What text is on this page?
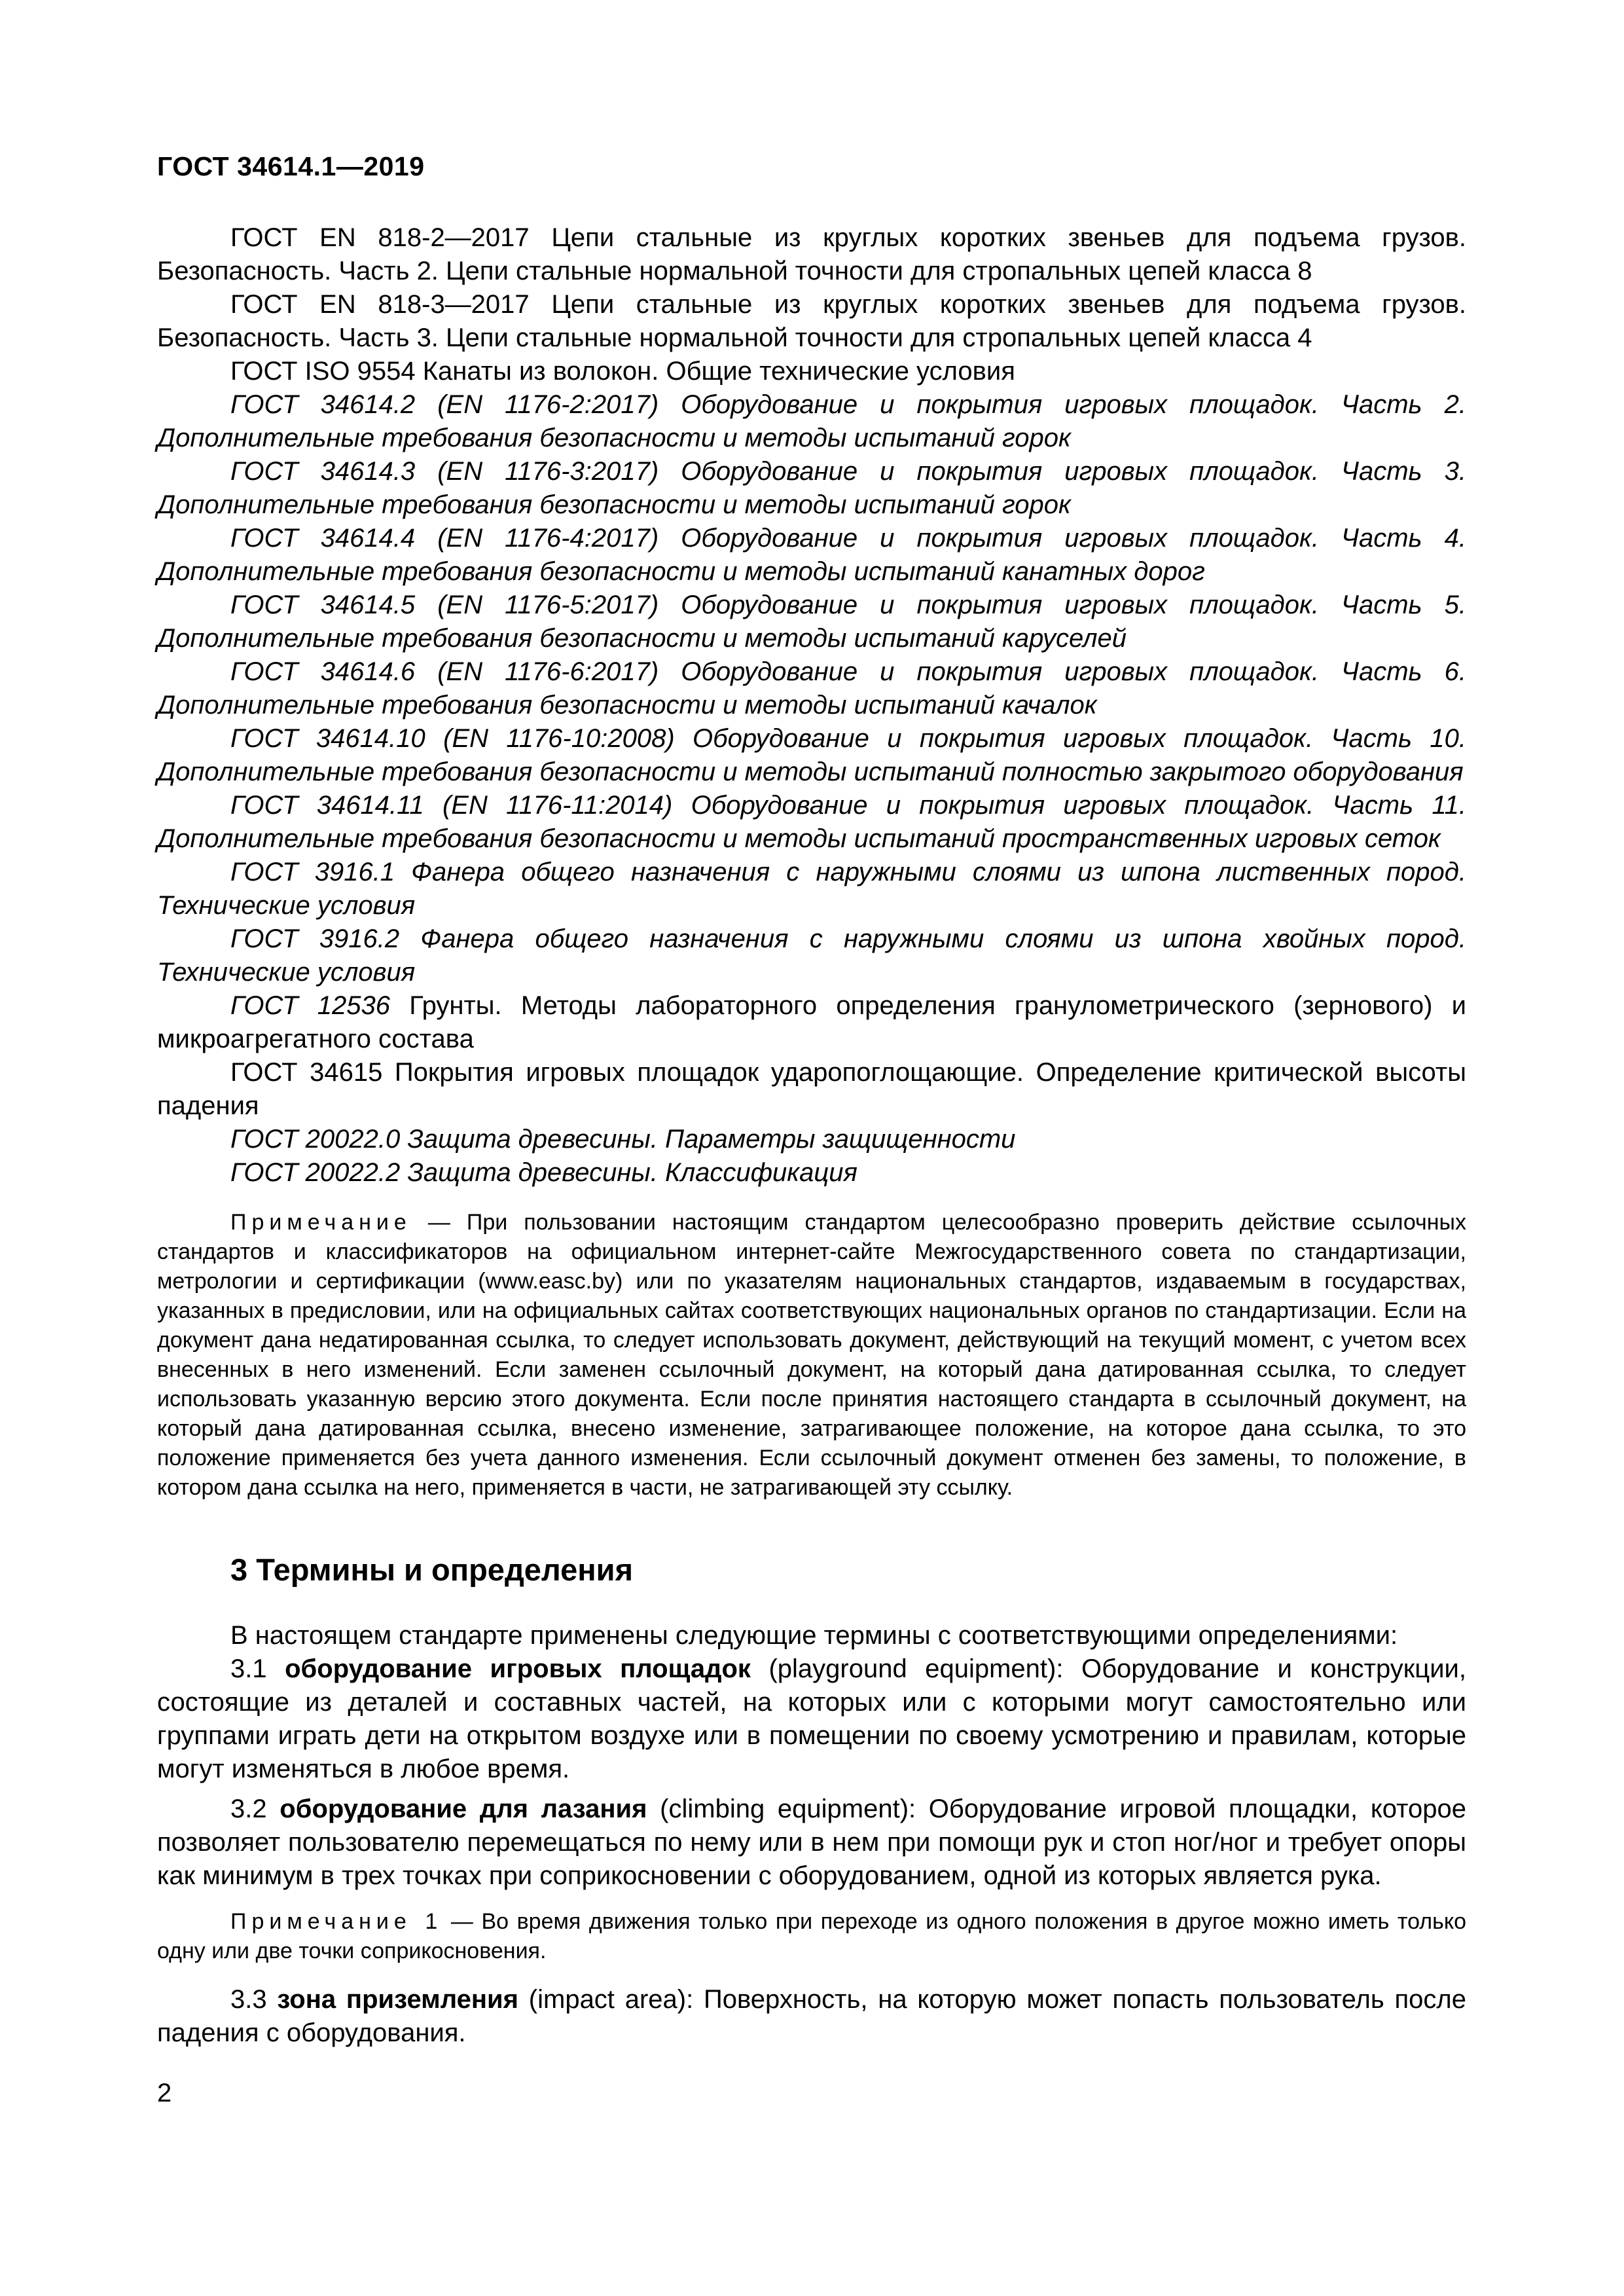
ГОСТ 34614.1—2019

ГОСТ EN 818-2—2017 Цепи стальные из круглых коротких звеньев для подъема грузов. Безопасность. Часть 2. Цепи стальные нормальной точности для стропальных цепей класса 8

ГОСТ EN 818-3—2017 Цепи стальные из круглых коротких звеньев для подъема грузов. Безопасность. Часть 3. Цепи стальные нормальной точности для стропальных цепей класса 4

ГОСТ ISO 9554 Канаты из волокон. Общие технические условия

ГОСТ 34614.2 (EN 1176-2:2017) Оборудование и покрытия игровых площадок. Часть 2. Дополнительные требования безопасности и методы испытаний горок

ГОСТ 34614.3 (EN 1176-3:2017) Оборудование и покрытия игровых площадок. Часть 3. Дополнительные требования безопасности и методы испытаний горок

ГОСТ 34614.4 (EN 1176-4:2017) Оборудование и покрытия игровых площадок. Часть 4. Дополнительные требования безопасности и методы испытаний канатных дорог

ГОСТ 34614.5 (EN 1176-5:2017) Оборудование и покрытия игровых площадок. Часть 5. Дополнительные требования безопасности и методы испытаний каруселей

ГОСТ 34614.6 (EN 1176-6:2017) Оборудование и покрытия игровых площадок. Часть 6. Дополнительные требования безопасности и методы испытаний качалок

ГОСТ 34614.10 (EN 1176-10:2008) Оборудование и покрытия игровых площадок. Часть 10. Дополнительные требования безопасности и методы испытаний полностью закрытого оборудования

ГОСТ 34614.11 (EN 1176-11:2014) Оборудование и покрытия игровых площадок. Часть 11. Дополнительные требования безопасности и методы испытаний пространственных игровых сеток

ГОСТ 3916.1 Фанера общего назначения с наружными слоями из шпона лиственных пород. Технические условия

ГОСТ 3916.2 Фанера общего назначения с наружными слоями из шпона хвойных пород. Технические условия

ГОСТ 12536 Грунты. Методы лабораторного определения гранулометрического (зернового) и микроагрегатного состава

ГОСТ 34615 Покрытия игровых площадок ударопоглощающие. Определение критической высоты падения

ГОСТ 20022.0 Защита древесины. Параметры защищенности

ГОСТ 20022.2 Защита древесины. Классификация

Примечание — При пользовании настоящим стандартом целесообразно проверить действие ссылочных стандартов и классификаторов на официальном интернет-сайте Межгосударственного совета по стандартизации, метрологии и сертификации (www.easc.by) или по указателям национальных стандартов, издаваемым в государствах, указанных в предисловии, или на официальных сайтах соответствующих национальных органов по стандартизации. Если на документ дана недатированная ссылка, то следует использовать документ, действующий на текущий момент, с учетом всех внесенных в него изменений. Если заменен ссылочный документ, на который дана датированная ссылка, то следует использовать указанную версию этого документа. Если после принятия настоящего стандарта в ссылочный документ, на который дана датированная ссылка, внесено изменение, затрагивающее положение, на которое дана ссылка, то это положение применяется без учета данного изменения. Если ссылочный документ отменен без замены, то положение, в котором дана ссылка на него, применяется в части, не затрагивающей эту ссылку.

3 Термины и определения

В настоящем стандарте применены следующие термины с соответствующими определениями:

3.1 оборудование игровых площадок (playground equipment): Оборудование и конструкции, состоящие из деталей и составных частей, на которых или с которыми могут самостоятельно или группами играть дети на открытом воздухе или в помещении по своему усмотрению и правилам, которые могут изменяться в любое время.

3.2 оборудование для лазания (climbing equipment): Оборудование игровой площадки, которое позволяет пользователю перемещаться по нему или в нем при помощи рук и стоп ног/ног и требует опоры как минимум в трех точках при соприкосновении с оборудованием, одной из которых является рука.

Примечание 1 — Во время движения только при переходе из одного положения в другое можно иметь только одну или две точки соприкосновения.

3.3 зона приземления (impact area): Поверхность, на которую может попасть пользователь после падения с оборудования.

2
